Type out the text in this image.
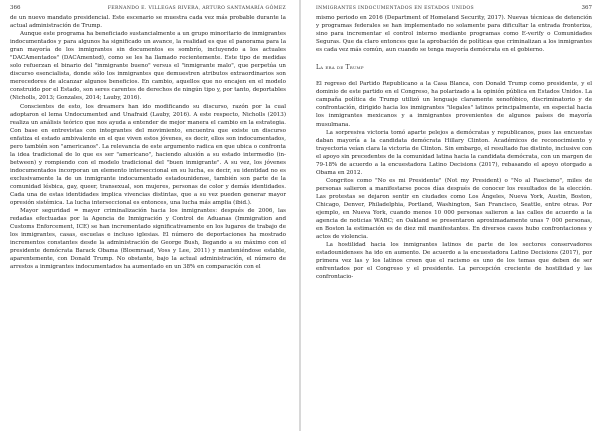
366	FERNANDO E. VILLEGAS RIVERA, ARTURO SANTAMARÍA GÓMEZ

de un nuevo mandato presidencial. Este escenario se muestra cada vez más probable durante la actual administración de Trump.

Aunque este programa ha beneficiado sustancialmente a un grupo minoritario de inmigrantes indocumentados y para algunos ha significado un avance, la realidad es que el panorama para la gran mayoría de los inmigrantes sin documentos es sombrío, incluyendo a los actuales "DACAmentados" (DACAmented), como se les ha llamado recientemente. Este tipo de medidas solo refuerzan el binario del "inmigrante bueno" versus el "inmigrante malo", que perpetúa un discurso esencialista, donde sólo los inmigrantes que demuestren atributos extraordinarios son merecedores de alcanzar algunos beneficios. En cambio, aquellos que no encajen en el modelo construido por el Estado, son seres carentes de derechos de ningún tipo y, por tanto, deportables (Nicholls, 2013; Gonzales, 2014; Lauby, 2016).

Conscientes de esto, los dreamers han ido modificando su discurso, razón por la cual adoptaron el lema Undocumented and Unafraid (Lauby, 2016). A este respecto, Nicholls (2013) realiza un análisis teórico que nos ayuda a entender de mejor manera el cambio en la estrategia. Con base en entrevistas con integrantes del movimiento, encuentra que existe un discurso enfatiza el estado ambivalente en el que viven estos jóvenes, es decir, ellos son indocumentados, pero también son "americanos". La relevancia de este argumento radica en que ubica o confronta la idea tradicional de lo que es ser "americano", haciendo alusión a su estado intermedio (in-between) y rompiendo con el modelo tradicional del "buen inmigrante". A su vez, los jóvenes indocumentados incorporan un elemento interseccional en su lucha, es decir, su identidad no es exclusivamente la de un inmigrante indocumentado estadounidense, también son parte de la comunidad lésbica, gay, queer, transexual, son mujeres, personas de color y demás identidades. Cada una de estas identidades implica vivencias distintas, que a su vez pueden generar mayor opresión sistémica. La lucha interseccional es entonces, una lucha más amplia (ibid.).

Mayor seguridad = mayor criminalización hacia los inmigrantes: después de 2006, las redadas efectuadas por la Agencia de Inmigración y Control de Aduanas (Immigration and Customs Enforcement, ICE) se han incrementado significativamente en los lugares de trabajo de los inmigrantes, casas, escuelas e incluso iglesias. El número de deportaciones ha mostrado incrementos constantes desde la administración de George Bush, llegando a su máximo con el presidente demócrata Barack Obama (Bloemraad, Voss y Lee, 2011) y manteniéndose estable, aparentemente, con Donald Trump. No obstante, bajo la actual administración, el número de arrestos a inmigrantes indocumentados ha aumentado en un 38% en comparación con el

INMIGRANTES INDOCUMENTADOS EN ESTADOS UNIDOS	367

mismo periodo en 2016 (Department of Homeland Security, 2017). Nuevas técnicas de detención y programas federales se han implementado no solamente para dificultar la entrada fronteriza, sino para incrementar el control interno mediante programas como E-verify o Comunidades Seguras. Que da claro entonces que la aprobación de políticas que criminalizan a los inmigrantes es cada vez más común, aun cuando se tenga mayoría demócrata en el gobierno.

La era de Trump

El regreso del Partido Republicano a la Casa Blanca, con Donald Trump como presidente, y el dominio de este partido en el Congreso, ha polarizado a la opinión pública en Estados Unidos. La campaña política de Trump utilizó un lenguaje claramente xenofóbico, discriminatorio y de confrontación, dirigido hacia los inmigrantes "ilegales" latinos principalmente, en especial hacia los inmigrantes mexicanos y a inmigrantes provenientes de algunos países de mayoría musulmana.

La sorpresiva victoria tomó aparte pelejos a demócratas y republicanos, pues las encuestas daban mayoría a la candidata demócrata Hillary Clinton. Académicos de reconocimiento y trayectoria veían clara la victoria de Clinton. Sin embargo, el resultado fue distinto, inclusive con el apoyo sin precedentes de la comunidad latina hacia la candidata demócrata, con un margen de 79-18% de acuerdo a la encuestadora Latino Decisions (2017), rebasando el apoyo otorgado a Obama en 2012.

Congritos como "No es mi Presidente" (Not my President) o "No al Fascismo", miles de personas salieron a manifestarse pocos días después de conocer los resultados de la elección. Las protestas se dejaron sentir en ciudades como Los Ángeles, Nueva York, Austin, Boston, Chicago, Denver, Philadelphia, Portland, Washington, San Francisco, Seattle, entre otras. Por ejemplo, en Nueva York, cuando menos 10 000 personas salieron a las calles de acuerdo a la agencia de noticias WABC; en Oakland se presentaron aproximadamente unas 7 000 personas, en Boston la estimación es de diez mil manifestantes. En diversos casos hubo confrontaciones y actos de violencia.

La hostilidad hacia los inmigrantes latinos de parte de los sectores conservadores estadounidenses ha ido en aumento. De acuerdo a la encuestadora Latino Decisions (2017), por primera vez las y los latinos creen que el racismo es uno de los temas que deben de ser enfrentados por el Congreso y el presidente. La percepción creciente de hostilidad y las confrontacio-
